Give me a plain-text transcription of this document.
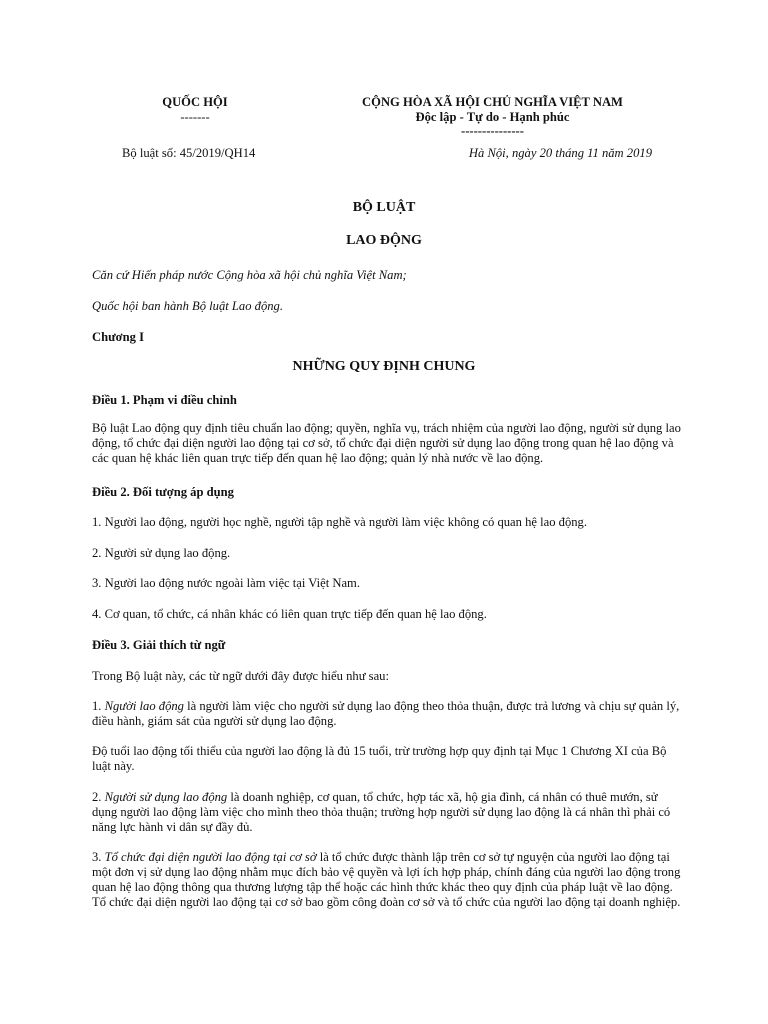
QUỐC HỘI
-------
CỘNG HÒA XÃ HỘI CHỦ NGHĨA VIỆT NAM
Độc lập - Tự do - Hạnh phúc
---------------
Bộ luật số: 45/2019/QH14	Hà Nội, ngày 20 tháng 11 năm 2019
BỘ LUẬT
LAO ĐỘNG
Căn cứ Hiến pháp nước Cộng hòa xã hội chủ nghĩa Việt Nam;
Quốc hội ban hành Bộ luật Lao động.
Chương I
NHỮNG QUY ĐỊNH CHUNG
Điều 1. Phạm vi điều chỉnh
Bộ luật Lao động quy định tiêu chuẩn lao động; quyền, nghĩa vụ, trách nhiệm của người lao động, người sử dụng lao động, tổ chức đại diện người lao động tại cơ sở, tổ chức đại diện người sử dụng lao động trong quan hệ lao động và các quan hệ khác liên quan trực tiếp đến quan hệ lao động; quản lý nhà nước về lao động.
Điều 2. Đối tượng áp dụng
1. Người lao động, người học nghề, người tập nghề và người làm việc không có quan hệ lao động.
2. Người sử dụng lao động.
3. Người lao động nước ngoài làm việc tại Việt Nam.
4. Cơ quan, tổ chức, cá nhân khác có liên quan trực tiếp đến quan hệ lao động.
Điều 3. Giải thích từ ngữ
Trong Bộ luật này, các từ ngữ dưới đây được hiểu như sau:
1. Người lao động là người làm việc cho người sử dụng lao động theo thỏa thuận, được trả lương và chịu sự quản lý, điều hành, giám sát của người sử dụng lao động.
Độ tuổi lao động tối thiểu của người lao động là đủ 15 tuổi, trừ trường hợp quy định tại Mục 1 Chương XI của Bộ luật này.
2. Người sử dụng lao động là doanh nghiệp, cơ quan, tổ chức, hợp tác xã, hộ gia đình, cá nhân có thuê mướn, sử dụng người lao động làm việc cho mình theo thỏa thuận; trường hợp người sử dụng lao động là cá nhân thì phải có năng lực hành vi dân sự đầy đủ.
3. Tổ chức đại diện người lao động tại cơ sở là tổ chức được thành lập trên cơ sở tự nguyện của người lao động tại một đơn vị sử dụng lao động nhằm mục đích bảo vệ quyền và lợi ích hợp pháp, chính đáng của người lao động trong quan hệ lao động thông qua thương lượng tập thể hoặc các hình thức khác theo quy định của pháp luật về lao động. Tổ chức đại diện người lao động tại cơ sở bao gồm công đoàn cơ sở và tổ chức của người lao động tại doanh nghiệp.
